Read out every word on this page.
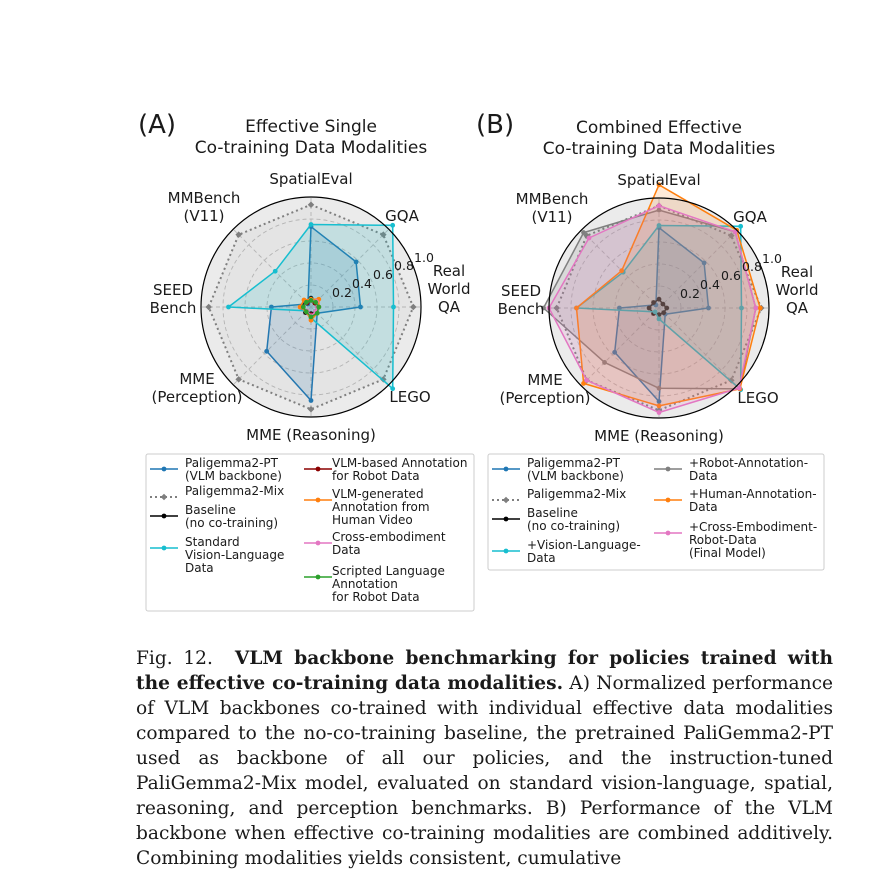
(A)	Effective Single Co-training Data Modalities
0.2
0.4
0.6
0.8
1.0
SpatialEval
GQA
Real World QA
LEGO
MME (Reasoning)
MME (Perception)
SEED Bench
MMBench (V11)
Paligemma2-PT (VLM backbone)
Paligemma2-Mix
Baseline (no co-training)
Standard Vision-Language Data
VLM-based Annotation for Robot Data
VLM-generated Annotation from Human Video
Cross-embodiment Data
Scripted Language Annotation for Robot Data
(B)	Combined Effective Co-training Data Modalities
0.2
0.4
0.6
0.8
1.0
SpatialEval
GQA
Real World QA
LEGO
MME (Reasoning)
MME (Perception)
SEED Bench
MMBench (V11)
Paligemma2-PT (VLM backbone)
Paligemma2-Mix
Baseline (no co-training)
+Vision-Language-Data
+Robot-Annotation-Data
+Human-Annotation-Data
+Cross-Embodiment-Robot-Data (Final Model)
Fig. 12. VLM backbone benchmarking for policies trained with the effective co-training data modalities. A) Normalized performance of VLM backbones co-trained with individual effective data modalities compared to the no-co-training baseline, the pretrained PaliGemma2-PT used as backbone of all our policies, and the instruction-tuned PaliGemma2-Mix model, evaluated on standard vision-language, spatial, reasoning, and perception benchmarks. B) Performance of the VLM backbone when effective co-training modalities are combined additively. Combining modalities yields consistent, cumulative
